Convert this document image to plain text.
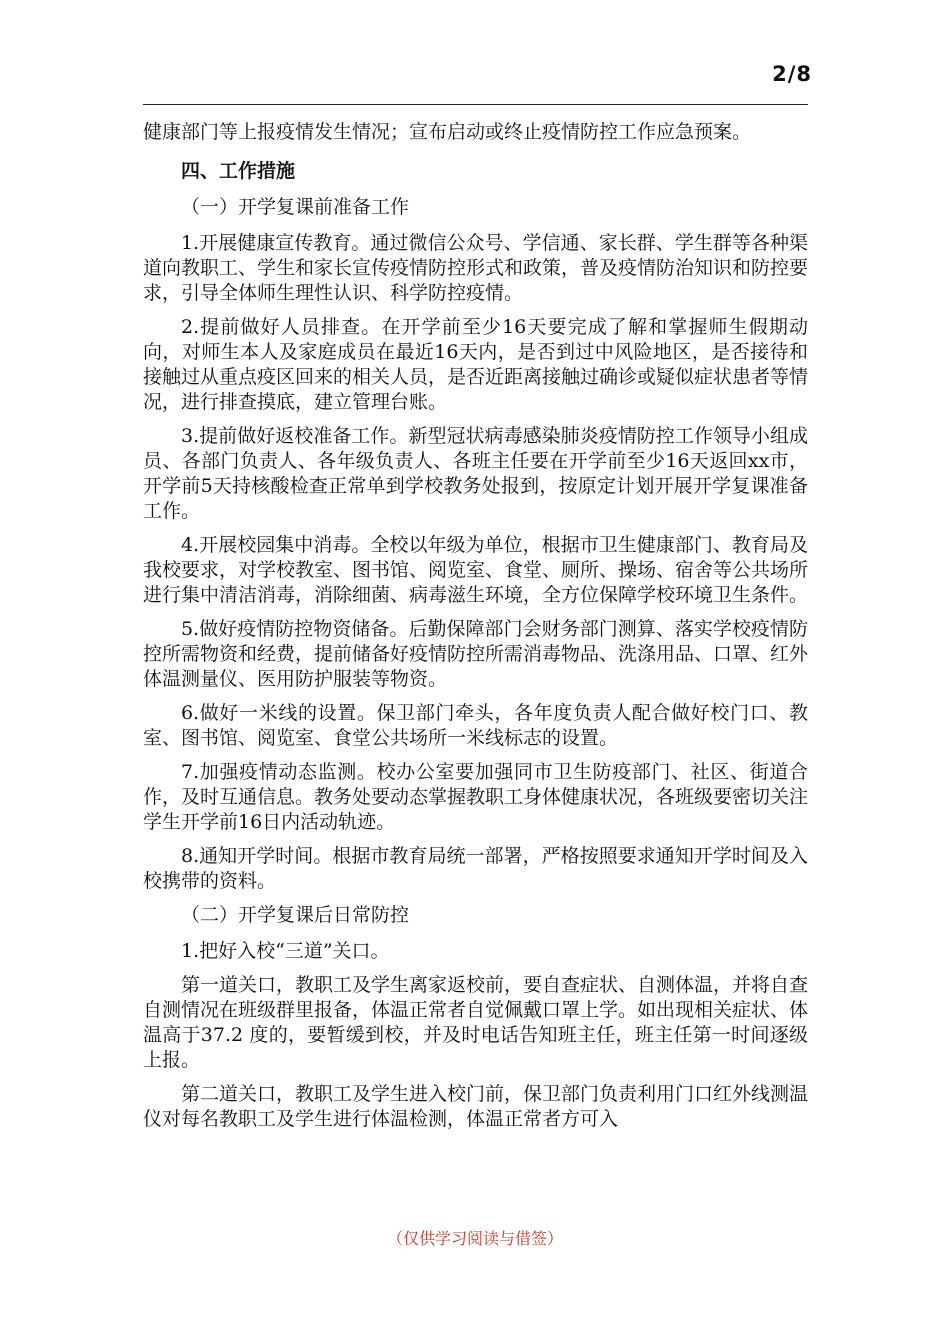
2/8

健康部门等上报疫情发生情况；宣布启动或终止疫情防控工作应急预案。

四、工作措施

（一）开学复课前准备工作

1.开展健康宣传教育。通过微信公众号、学信通、家长群、学生群等各种渠道向教职工、学生和家长宣传疫情防控形式和政策，普及疫情防治知识和防控要求，引导全体师生理性认识、科学防控疫情。

2.提前做好人员排查。在开学前至少16天要完成了解和掌握师生假期动向，对师生本人及家庭成员在最近16天内，是否到过中风险地区，是否接待和接触过从重点疫区回来的相关人员，是否近距离接触过确诊或疑似症状患者等情况，进行排查摸底，建立管理台账。

3.提前做好返校准备工作。新型冠状病毒感染肺炎疫情防控工作领导小组成员、各部门负责人、各年级负责人、各班主任要在开学前至少16天返回xx市，开学前5天持核酸检查正常单到学校教务处报到，按原定计划开展开学复课准备工作。

4.开展校园集中消毒。全校以年级为单位，根据市卫生健康部门、教育局及我校要求，对学校教室、图书馆、阅览室、食堂、厕所、操场、宿舍等公共场所进行集中清洁消毒，消除细菌、病毒滋生环境，全方位保障学校环境卫生条件。

5.做好疫情防控物资储备。后勤保障部门会财务部门测算、落实学校疫情防控所需物资和经费，提前储备好疫情防控所需消毒物品、洗涤用品、口罩、红外体温测量仪、医用防护服装等物资。

6.做好一米线的设置。保卫部门牵头，各年度负责人配合做好校门口、教室、图书馆、阅览室、食堂公共场所一米线标志的设置。

7.加强疫情动态监测。校办公室要加强同市卫生防疫部门、社区、街道合作，及时互通信息。教务处要动态掌握教职工身体健康状况，各班级要密切关注学生开学前16日内活动轨迹。

8.通知开学时间。根据市教育局统一部署，严格按照要求通知开学时间及入校携带的资料。

（二）开学复课后日常防控

1.把好入校“三道”关口。

第一道关口，教职工及学生离家返校前，要自查症状、自测体温，并将自查自测情况在班级群里报备，体温正常者自觉佩戴口罩上学。如出现相关症状、体温高于37.2 度的，要暂缓到校，并及时电话告知班主任，班主任第一时间逐级上报。

第二道关口，教职工及学生进入校门前，保卫部门负责利用门口红外线测温仪对每名教职工及学生进行体温检测，体温正常者方可入

（仅供学习阅读与借签）
